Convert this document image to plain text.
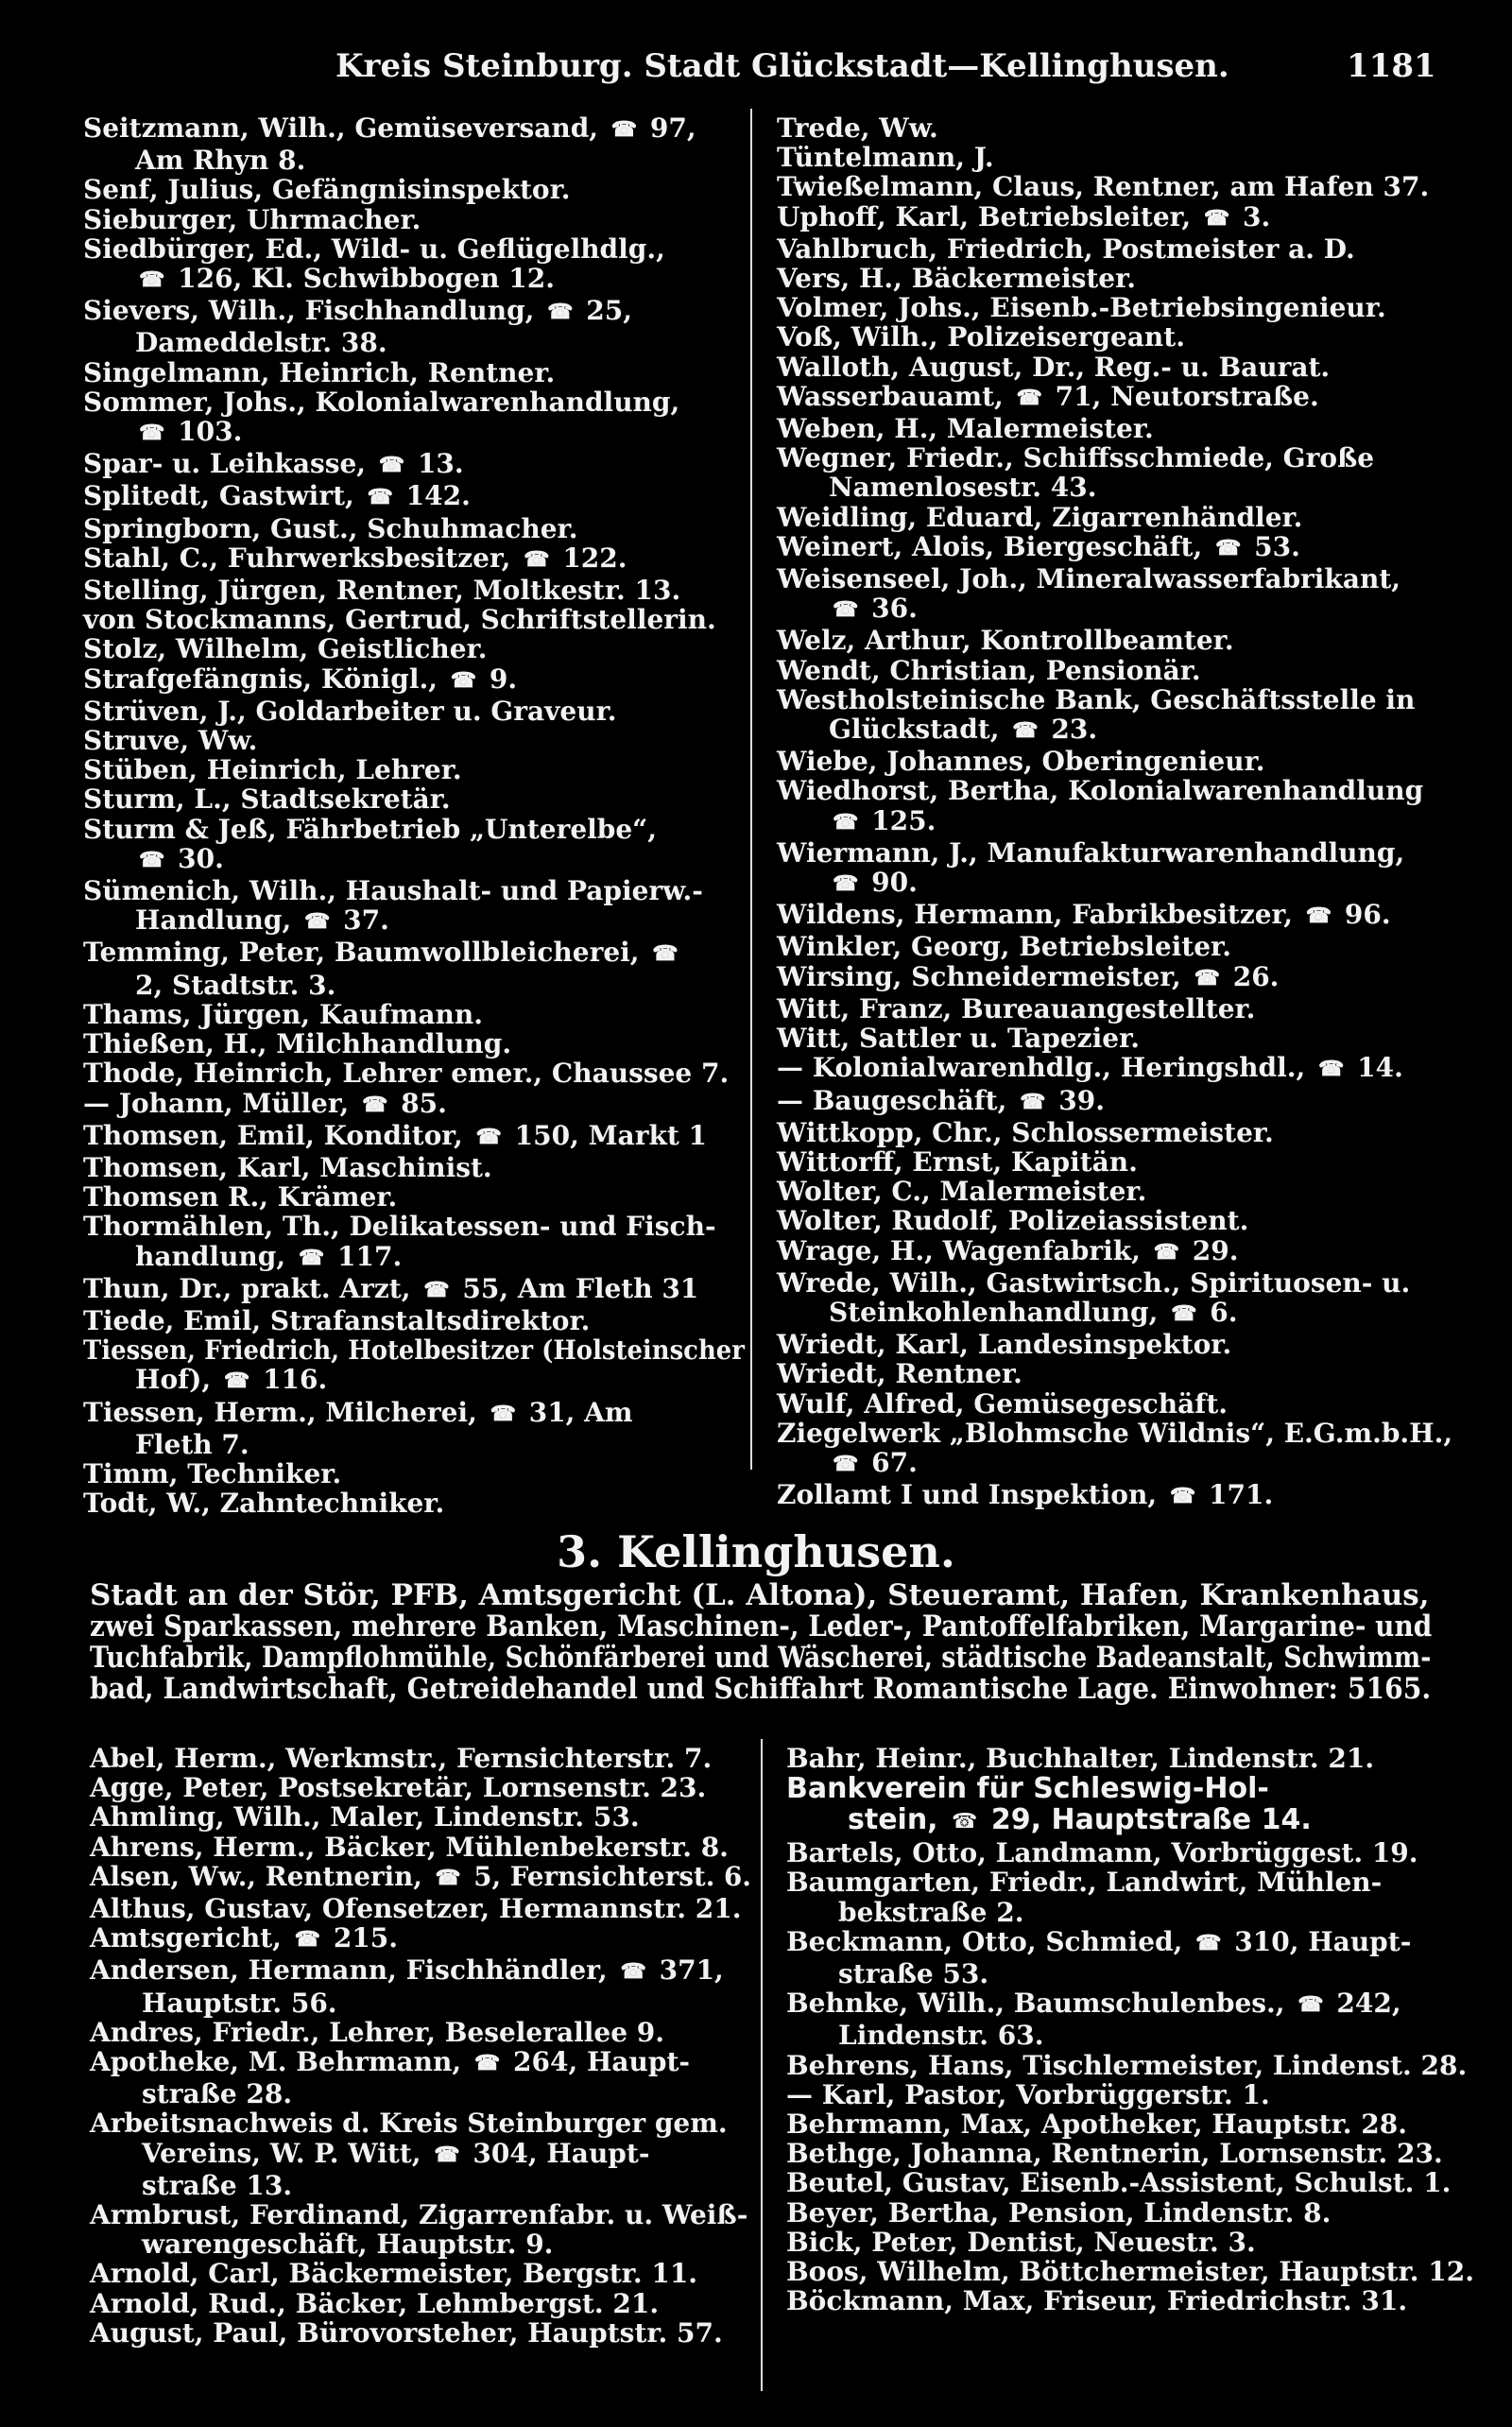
Kreis Steinburg. Stadt Glückstadt—Kellinghusen.	1181
Seitzmann, Wilh., Gemüseversand, ☎ 97,
Am Rhyn 8.
Senf, Julius, Gefängnisinspektor.
Sieburger, Uhrmacher.
Siedbürger, Ed., Wild- u. Geflügelhdlg.,
☎ 126, Kl. Schwibbogen 12.
Sievers, Wilh., Fischhandlung, ☎ 25,
Dameddelstr. 38.
Singelmann, Heinrich, Rentner.
Sommer, Johs., Kolonialwarenhandlung,
☎ 103.
Spar- u. Leihkasse, ☎ 13.
Splitedt, Gastwirt, ☎ 142.
Springborn, Gust., Schuhmacher.
Stahl, C., Fuhrwerksbesitzer, ☎ 122.
Stelling, Jürgen, Rentner, Moltkestr. 13.
von Stockmanns, Gertrud, Schriftstellerin.
Stolz, Wilhelm, Geistlicher.
Strafgefängnis, Königl., ☎ 9.
Strüven, J., Goldarbeiter u. Graveur.
Struve, Ww.
Stüben, Heinrich, Lehrer.
Sturm, L., Stadtsekretär.
Sturm & Jeß, Fährbetrieb „Unterelbe“,
☎ 30.
Sümenich, Wilh., Haushalt- und Papierw.-
Handlung, ☎ 37.
Temming, Peter, Baumwollbleicherei, ☎
2, Stadtstr. 3.
Thams, Jürgen, Kaufmann.
Thießen, H., Milchhandlung.
Thode, Heinrich, Lehrer emer., Chaussee 7.
— Johann, Müller, ☎ 85.
Thomsen, Emil, Konditor, ☎ 150, Markt 1
Thomsen, Karl, Maschinist.
Thomsen R., Krämer.
Thormählen, Th., Delikatessen- und Fisch-
handlung, ☎ 117.
Thun, Dr., prakt. Arzt, ☎ 55, Am Fleth 31
Tiede, Emil, Strafanstaltsdirektor.
Tiessen, Friedrich, Hotelbesitzer (Holsteinscher
Hof), ☎ 116.
Tiessen, Herm., Milcherei, ☎ 31, Am
Fleth 7.
Timm, Techniker.
Todt, W., Zahntechniker.
Trede, Ww.
Tüntelmann, J.
Twießelmann, Claus, Rentner, am Hafen 37.
Uphoff, Karl, Betriebsleiter, ☎ 3.
Vahlbruch, Friedrich, Postmeister a. D.
Vers, H., Bäckermeister.
Volmer, Johs., Eisenb.-Betriebsingenieur.
Voß, Wilh., Polizeisergeant.
Walloth, August, Dr., Reg.- u. Baurat.
Wasserbauamt, ☎ 71, Neutorstraße.
Weben, H., Malermeister.
Wegner, Friedr., Schiffsschmiede, Große
Namenlosestr. 43.
Weidling, Eduard, Zigarrenhändler.
Weinert, Alois, Biergeschäft, ☎ 53.
Weisenseel, Joh., Mineralwasserfabrikant,
☎ 36.
Welz, Arthur, Kontrollbeamter.
Wendt, Christian, Pensionär.
Westholsteinische Bank, Geschäftsstelle in
Glückstadt, ☎ 23.
Wiebe, Johannes, Oberingenieur.
Wiedhorst, Bertha, Kolonialwarenhandlung
☎ 125.
Wiermann, J., Manufakturwarenhandlung,
☎ 90.
Wildens, Hermann, Fabrikbesitzer, ☎ 96.
Winkler, Georg, Betriebsleiter.
Wirsing, Schneidermeister, ☎ 26.
Witt, Franz, Bureauangestellter.
Witt, Sattler u. Tapezier.
— Kolonialwarenhdlg., Heringshdl., ☎ 14.
— Baugeschäft, ☎ 39.
Wittkopp, Chr., Schlossermeister.
Wittorff, Ernst, Kapitän.
Wolter, C., Malermeister.
Wolter, Rudolf, Polizeiassistent.
Wrage, H., Wagenfabrik, ☎ 29.
Wrede, Wilh., Gastwirtsch., Spirituosen- u.
Steinkohlenhandlung, ☎ 6.
Wriedt, Karl, Landesinspektor.
Wriedt, Rentner.
Wulf, Alfred, Gemüsegeschäft.
Ziegelwerk „Blohmsche Wildnis“, E.G.m.b.H.,
☎ 67.
Zollamt I und Inspektion, ☎ 171.
3. Kellinghusen.
Stadt an der Stör, PFB, Amtsgericht (L. Altona), Steueramt, Hafen, Krankenhaus,
zwei Sparkassen, mehrere Banken, Maschinen-, Leder-, Pantoffelfabriken, Margarine- und
Tuchfabrik, Dampflohmühle, Schönfärberei und Wäscherei, städtische Badeanstalt, Schwimm-
bad, Landwirtschaft, Getreidehandel und Schiffahrt Romantische Lage. Einwohner: 5165.
Abel, Herm., Werkmstr., Fernsichterstr. 7.
Agge, Peter, Postsekretär, Lornsenstr. 23.
Ahmling, Wilh., Maler, Lindenstr. 53.
Ahrens, Herm., Bäcker, Mühlenbekerstr. 8.
Alsen, Ww., Rentnerin, ☎ 5, Fernsichterst. 6.
Althus, Gustav, Ofensetzer, Hermannstr. 21.
Amtsgericht, ☎ 215.
Andersen, Hermann, Fischhändler, ☎ 371,
Hauptstr. 56.
Andres, Friedr., Lehrer, Beselerallee 9.
Apotheke, M. Behrmann, ☎ 264, Haupt-
straße 28.
Arbeitsnachweis d. Kreis Steinburger gem.
Vereins, W. P. Witt, ☎ 304, Haupt-
straße 13.
Armbrust, Ferdinand, Zigarrenfabr. u. Weiß-
warengeschäft, Hauptstr. 9.
Arnold, Carl, Bäckermeister, Bergstr. 11.
Arnold, Rud., Bäcker, Lehmbergst. 21.
August, Paul, Bürovorsteher, Hauptstr. 57.
Bahr, Heinr., Buchhalter, Lindenstr. 21.
Bankverein für Schleswig-Hol-
stein, ☎ 29, Hauptstraße 14.
Bartels, Otto, Landmann, Vorbrüggest. 19.
Baumgarten, Friedr., Landwirt, Mühlen-
bekstraße 2.
Beckmann, Otto, Schmied, ☎ 310, Haupt-
straße 53.
Behnke, Wilh., Baumschulenbes., ☎ 242,
Lindenstr. 63.
Behrens, Hans, Tischlermeister, Lindenst. 28.
— Karl, Pastor, Vorbrüggerstr. 1.
Behrmann, Max, Apotheker, Hauptstr. 28.
Bethge, Johanna, Rentnerin, Lornsenstr. 23.
Beutel, Gustav, Eisenb.-Assistent, Schulst. 1.
Beyer, Bertha, Pension, Lindenstr. 8.
Bick, Peter, Dentist, Neuestr. 3.
Boos, Wilhelm, Böttchermeister, Hauptstr. 12.
Böckmann, Max, Friseur, Friedrichstr. 31.
